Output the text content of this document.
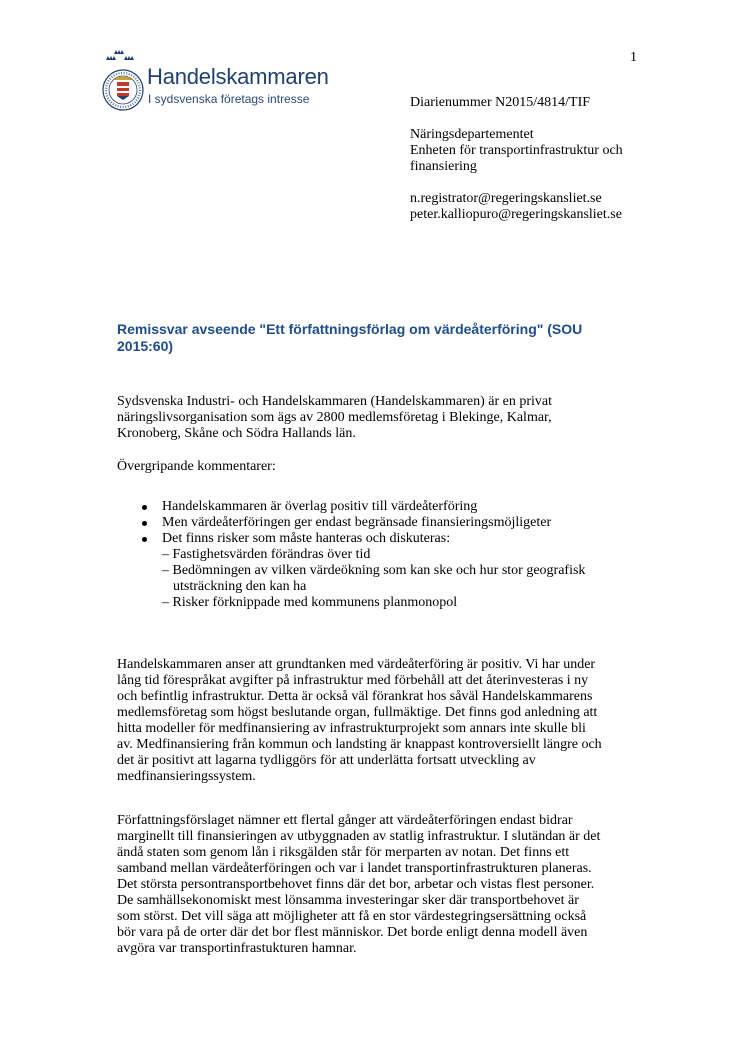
1
Handelskammaren
I sydsvenska företags intresse	Diarienummer N2015/4814/TIF
Näringsdepartementet
Enheten för transportinfrastruktur och
finansiering
n.registrator@regeringskansliet.se
peter.kalliopuro@regeringskansliet.se
Remissvar avseende "Ett författningsförlag om värdeåterföring" (SOU
2015:60)
Sydsvenska Industri- och Handelskammaren (Handelskammaren) är en privat
näringslivsorganisation som ägs av 2800 medlemsföretag i Blekinge, Kalmar,
Kronoberg, Skåne och Södra Hallands län.
Övergripande kommentarer:
Handelskammaren är överlag positiv till värdeåterföring
Men värdeåterföringen ger endast begränsade finansieringsmöjligeter
Det finns risker som måste hanteras och diskuteras:
– Fastighetsvärden förändras över tid
– Bedömningen av vilken värdeökning som kan ske och hur stor geografisk
utsträckning den kan ha
– Risker förknippade med kommunens planmonopol
Handelskammaren anser att grundtanken med värdeåterföring är positiv. Vi har under
lång tid förespråkat avgifter på infrastruktur med förbehåll att det återinvesteras i ny
och befintlig infrastruktur. Detta är också väl förankrat hos såväl Handelskammarens
medlemsföretag som högst beslutande organ, fullmäktige. Det finns god anledning att
hitta modeller för medfinansiering av infrastrukturprojekt som annars inte skulle bli
av. Medfinansiering från kommun och landsting är knappast kontroversiellt längre och
det är positivt att lagarna tydliggörs för att underlätta fortsatt utveckling av
medfinansieringssystem.
Författningsförslaget nämner ett flertal gånger att värdeåterföringen endast bidrar
marginellt till finansieringen av utbyggnaden av statlig infrastruktur. I slutändan är det
ändå staten som genom lån i riksgälden står för merparten av notan. Det finns ett
samband mellan värdeåterföringen och var i landet transportinfrastrukturen planeras.
Det största persontransportbehovet finns där det bor, arbetar och vistas flest personer.
De samhällsekonomiskt mest lönsamma investeringar sker där transportbehovet är
som störst. Det vill säga att möjligheter att få en stor värdestegringsersättning också
bör vara på de orter där det bor flest människor. Det borde enligt denna modell även
avgöra var transportinfrastukturen hamnar.
